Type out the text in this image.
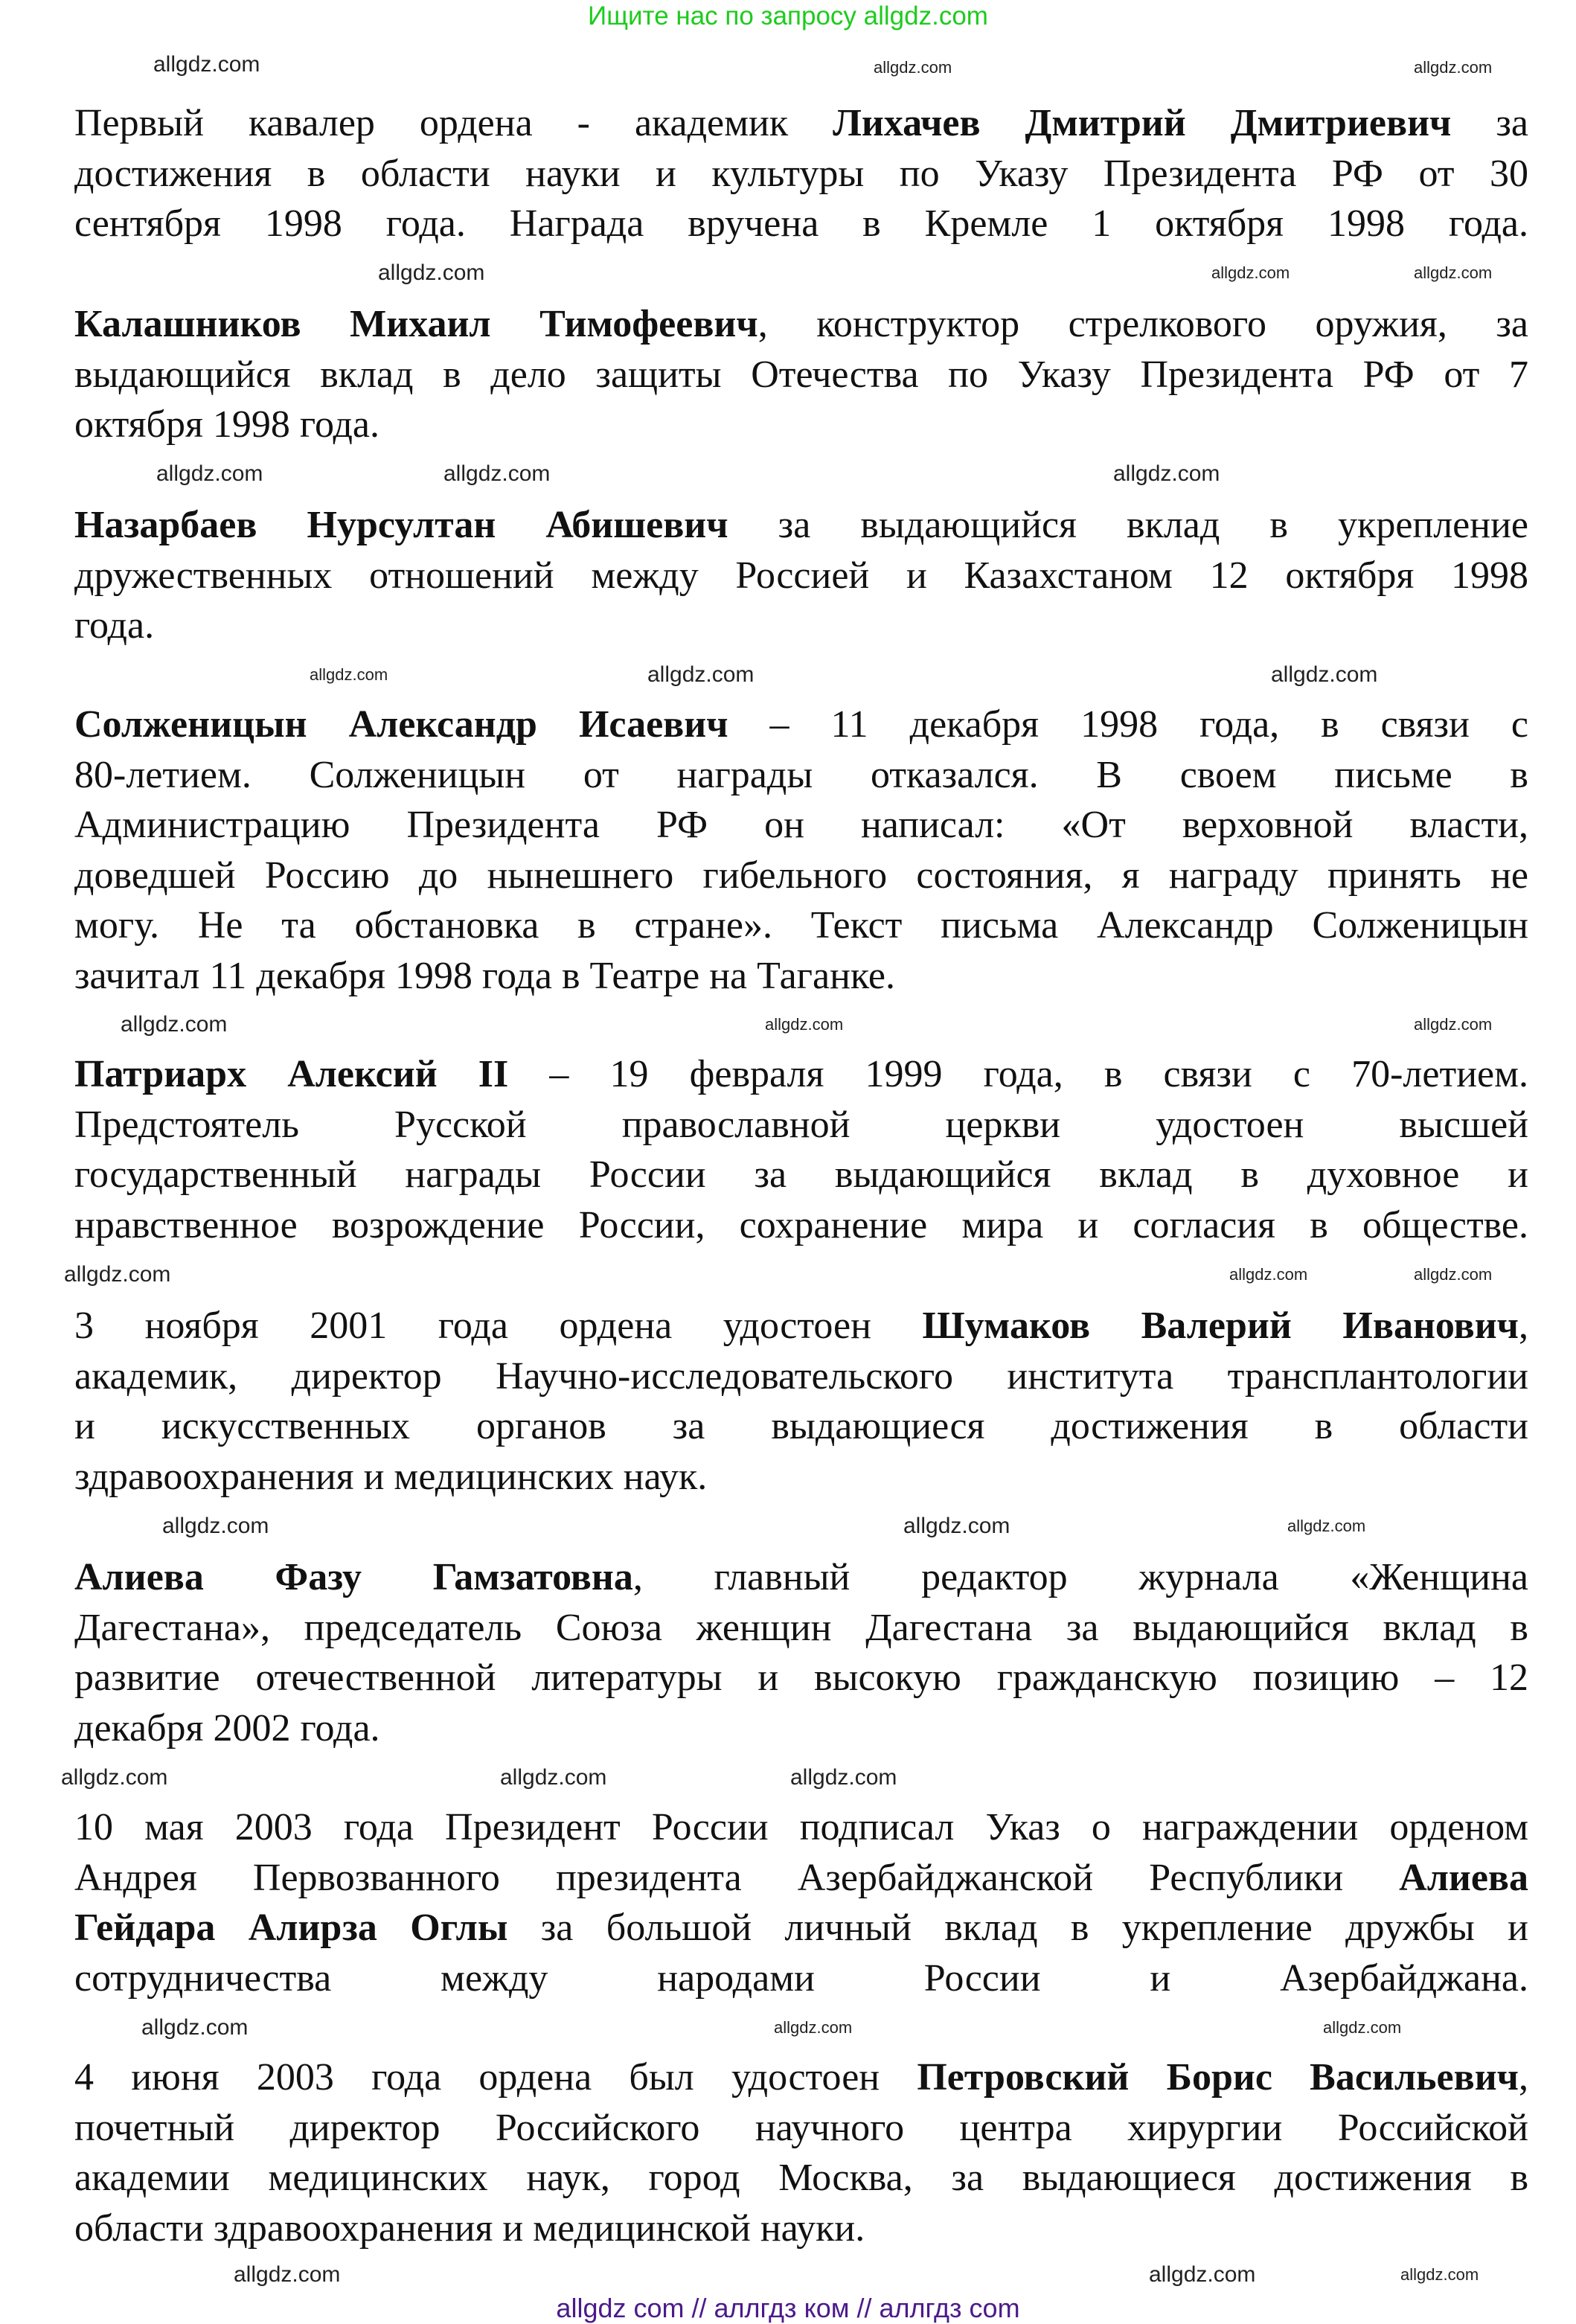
Ищите нас по запросу allgdz.com
Первый кавалер ордена - академик Лихачев Дмитрий Дмитриевич за
достижения в области науки и культуры по Указу Президента РФ от 30
сентября 1998 года. Награда вручена в Кремле 1 октября 1998 года.
Калашников Михаил Тимофеевич, конструктор стрелкового оружия, за
выдающийся вклад в дело защиты Отечества по Указу Президента РФ от 7
октября 1998 года.
Назарбаев Нурсултан Абишевич за выдающийся вклад в укрепление
дружественных отношений между Россией и Казахстаном 12 октября 1998
года.
Солженицын Александр Исаевич – 11 декабря 1998 года, в связи с
80-летием. Солженицын от награды отказался. В своем письме в
Администрацию Президента РФ он написал: «От верховной власти,
доведшей Россию до нынешнего гибельного состояния, я награду принять не
могу. Не та обстановка в стране». Текст письма Александр Солженицын
зачитал 11 декабря 1998 года в Театре на Таганке.
Патриарх Алексий II – 19 февраля 1999 года, в связи с 70-летием.
Предстоятель Русской православной церкви удостоен высшей
государственный награды России за выдающийся вклад в духовное и
нравственное возрождение России, сохранение мира и согласия в обществе.
3 ноября 2001 года ордена удостоен Шумаков Валерий Иванович,
академик, директор Научно-исследовательского института трансплантологии
и искусственных органов за выдающиеся достижения в области
здравоохранения и медицинских наук.
Алиева Фазу Гамзатовна, главный редактор журнала «Женщина
Дагестана», председатель Союза женщин Дагестана за выдающийся вклад в
развитие отечественной литературы и высокую гражданскую позицию – 12
декабря 2002 года.
10 мая 2003 года Президент России подписал Указ о награждении орденом
Андрея Первозванного президента Азербайджанской Республики Алиева
Гейдара Алирза Оглы за большой личный вклад в укрепление дружбы и
сотрудничества между народами России и Азербайджана.
4 июня 2003 года ордена был удостоен Петровский Борис Васильевич,
почетный директор Российского научного центра хирургии Российской
академии медицинских наук, город Москва, за выдающиеся достижения в
области здравоохранения и медицинской науки.
allgdz.com	allgdz.com	allgdz.com
allgdz.com	allgdz.com	allgdz.com
allgdz.com
allgdz.com	allgdz.com
allgdz.com
allgdz.com	allgdz.com
allgdz.com	allgdz.com	allgdz.com
allgdz.com	allgdz.com	allgdz.com
allgdz.com
allgdz.com	allgdz.com
allgdz.com
allgdz.com
allgdz.com
allgdz.com
allgdz.com	allgdz.com
allgdz.com
allgdz.com
allgdz.com
allgdz com // аллгдз ком // аллгдз com
